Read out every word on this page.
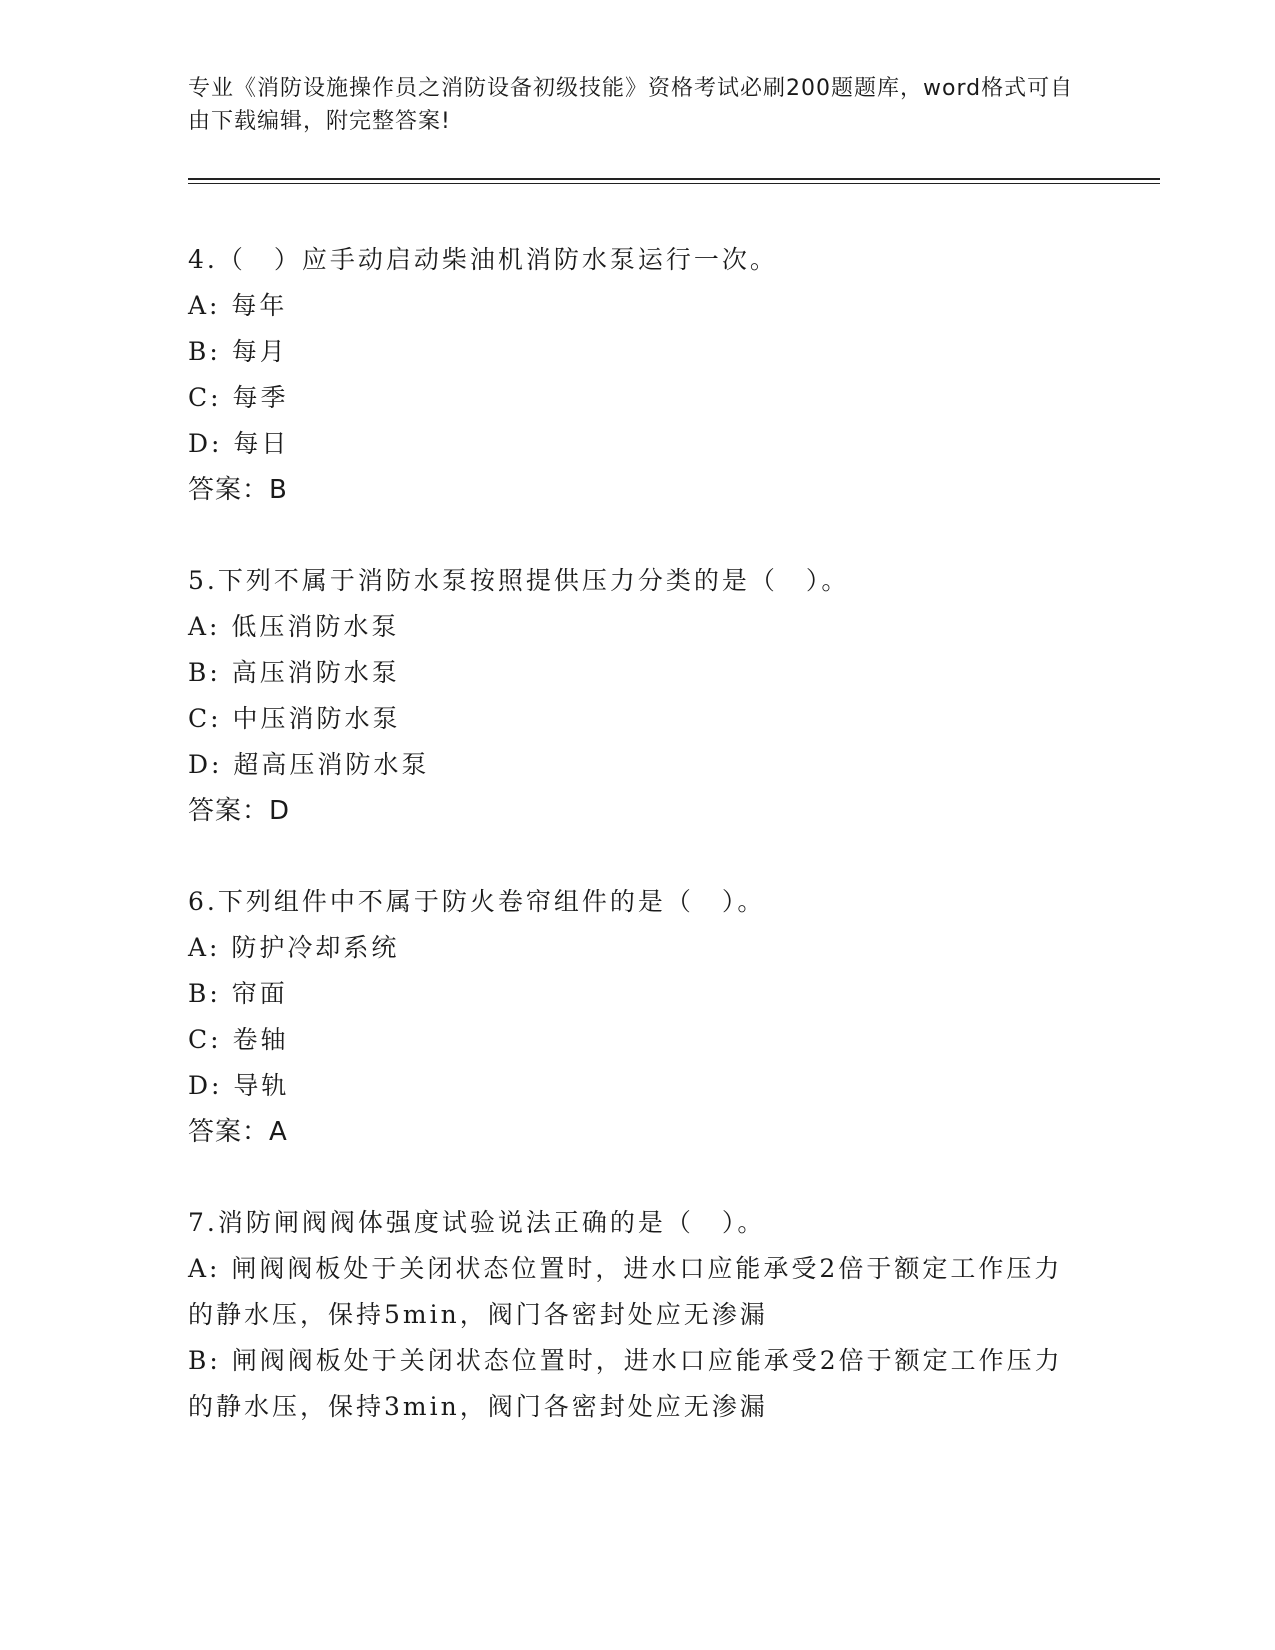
专业《消防设施操作员之消防设备初级技能》资格考试必刷200题题库，word格式可自由下载编辑，附完整答案!
4.（　）应手动启动柴油机消防水泵运行一次。
A: 每年
B: 每月
C: 每季
D: 每日
答案：B
5.下列不属于消防水泵按照提供压力分类的是（　）。
A: 低压消防水泵
B: 高压消防水泵
C: 中压消防水泵
D: 超高压消防水泵
答案：D
6.下列组件中不属于防火卷帘组件的是（　）。
A: 防护冷却系统
B: 帘面
C: 卷轴
D: 导轨
答案：A
7.消防闸阀阀体强度试验说法正确的是（　）。
A: 闸阀阀板处于关闭状态位置时，进水口应能承受2倍于额定工作压力的静水压，保持5min，阀门各密封处应无渗漏
B: 闸阀阀板处于关闭状态位置时，进水口应能承受2倍于额定工作压力的静水压，保持3min，阀门各密封处应无渗漏
